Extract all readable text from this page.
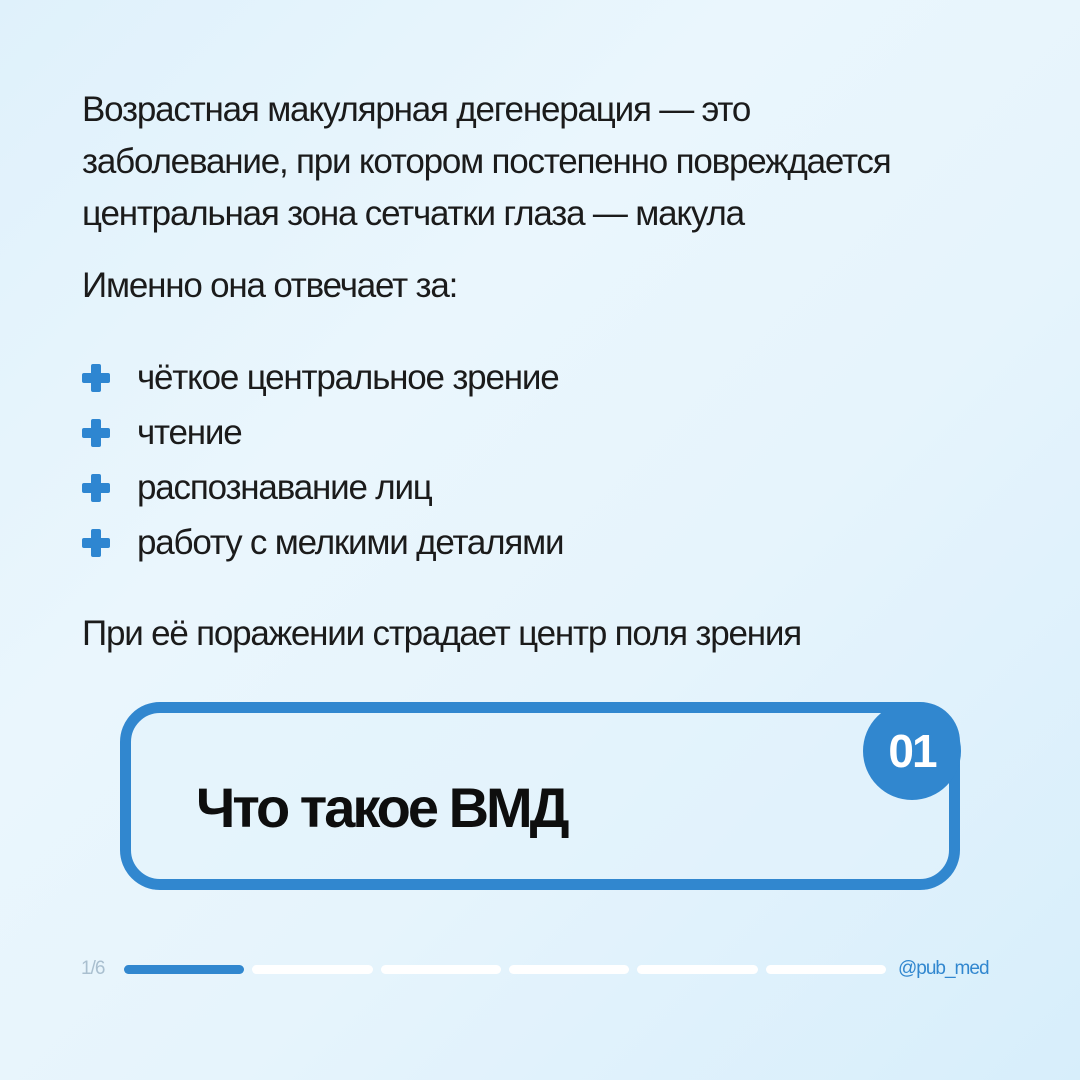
Возрастная макулярная дегенерация — это
заболевание, при котором постепенно повреждается
центральная зона сетчатки глаза — макула
Именно она отвечает за:
чёткое центральное зрение
чтение
распознавание лиц
работу с мелкими деталями
При её поражении страдает центр поля зрения
Что такое ВМД
01
1/6	@pub_med
